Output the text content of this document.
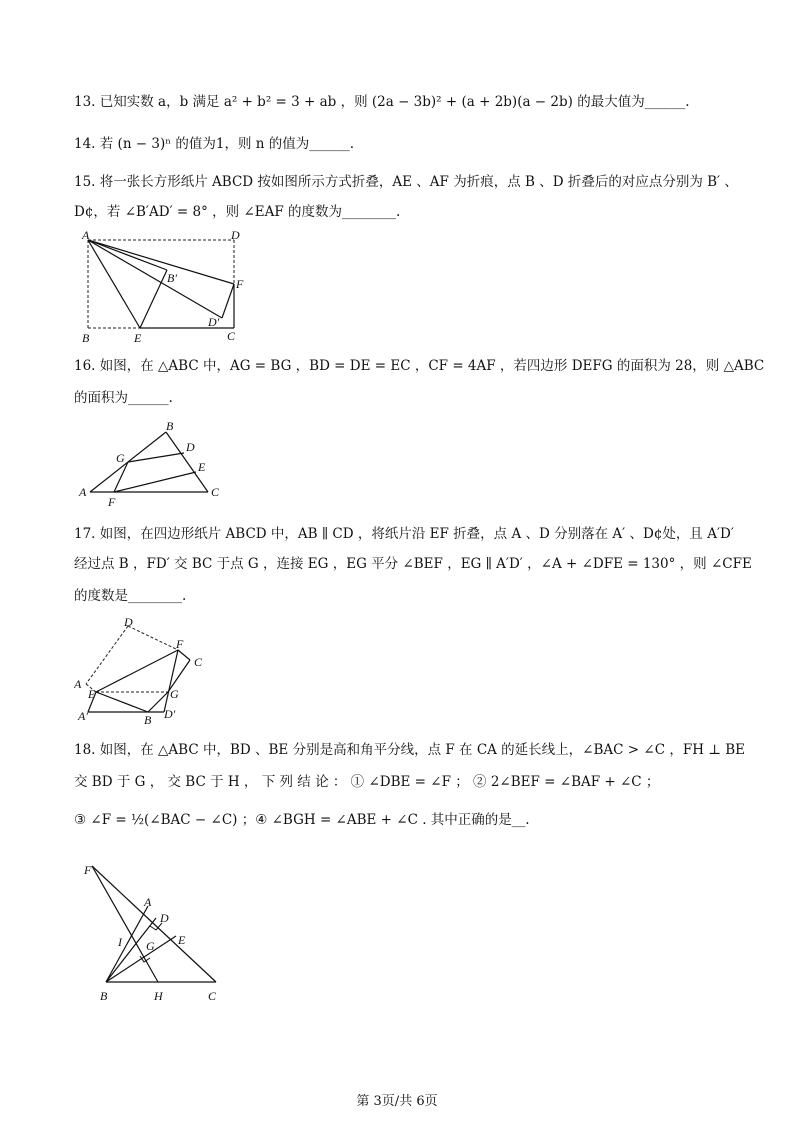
13. 已知实数 a，b 满足 a² + b² = 3 + ab ，则 (2a − 3b)² + (a + 2b)(a − 2b) 的最大值为______.
14. 若 (n − 3)ⁿ 的值为1，则 n 的值为______.
15. 将一张长方形纸片 ABCD 按如图所示方式折叠，AE 、AF 为折痕，点 B 、D 折叠后的对应点分别为 B′ 、
D¢，若 ∠B′AD′ = 8° ，则 ∠EAF 的度数为________.
A	D
B	C
E
F
B′
D′
16. 如图，在 △ABC 中，AG = BG ，BD = DE = EC ，CF = 4AF ，若四边形 DEFG 的面积为 28，则 △ABC
的面积为______.
A
B
C
D
E
F
G
17. 如图，在四边形纸片 ABCD 中，AB ∥ CD ，将纸片沿 EF 折叠，点 A 、D 分别落在 A′ 、D¢处，且 A′D′
经过点 B ，FD′ 交 BC 于点 G ，连接 EG ，EG 平分 ∠BEF ，EG ∥ A′D′ ，∠A + ∠DFE = 130° ，则 ∠CFE
的度数是________.
D
F
C
A
E	G
A′	D′
B
18. 如图，在 △ABC 中，BD 、BE 分别是高和角平分线，点 F 在 CA 的延长线上，∠BAC > ∠C ，FH ⊥ BE
交 BD 于 G ， 交 BC 于 H ， 下 列 结 论 ： ① ∠DBE = ∠F ； ② 2∠BEF = ∠BAF + ∠C ；
③ ∠F = ½(∠BAC − ∠C) ；④ ∠BGH = ∠ABE + ∠C . 其中正确的是__.
F
A
D
I G E
B	H	C
第 3页/共 6页
